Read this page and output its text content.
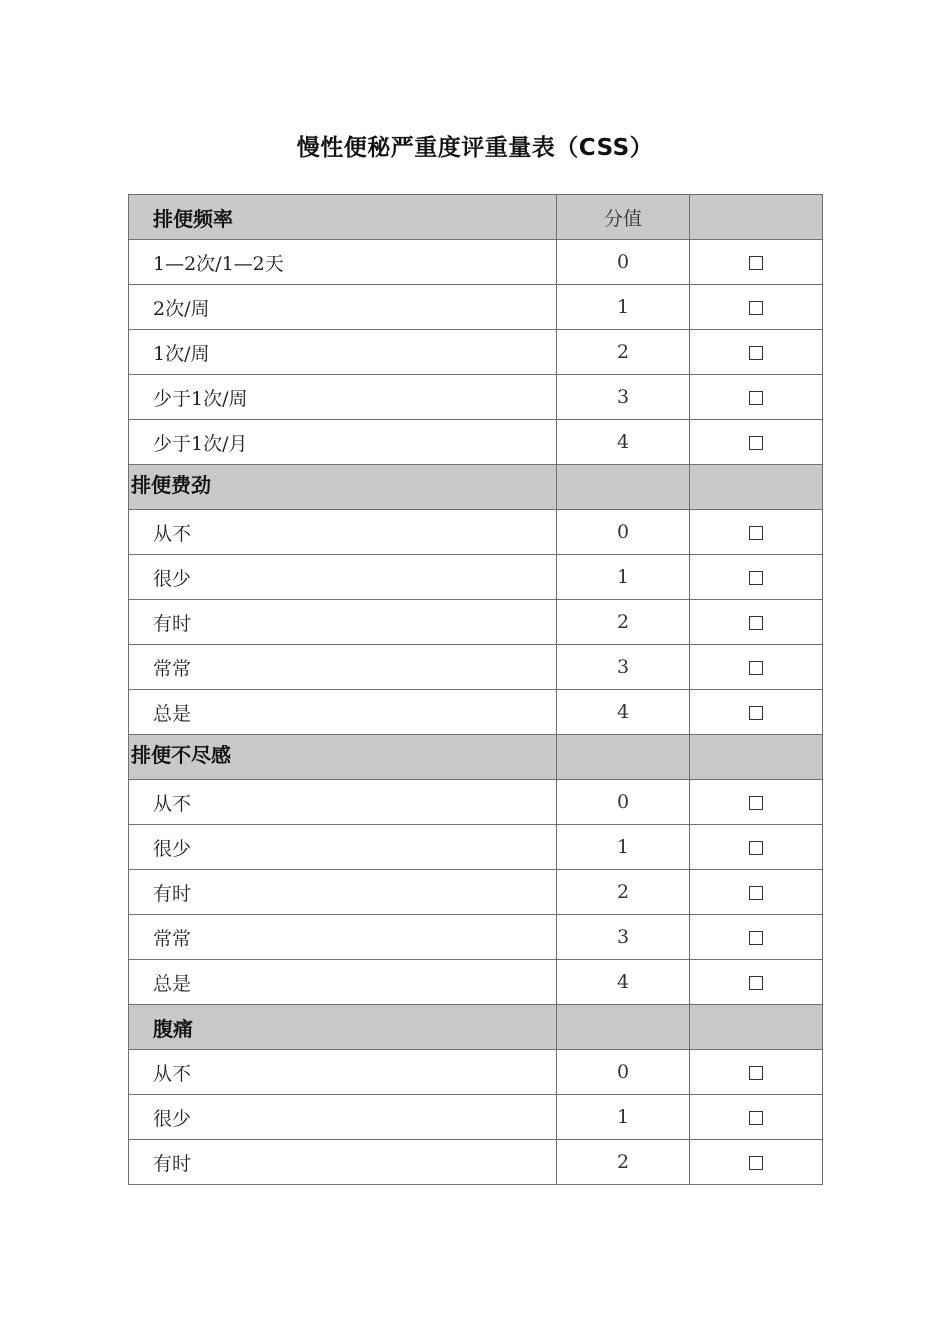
慢性便秘严重度评重量表（CSS）
排便频率	分值	
1—2次/1—2天	0	
2次/周	1	
1次/周	2	
少于1次/周	3	
少于1次/月	4	
排便费劲		
从不	0	
很少	1	
有时	2	
常常	3	
总是	4	
排便不尽感		
从不	0	
很少	1	
有时	2	
常常	3	
总是	4	
腹痛		
从不	0	
很少	1	
有时	2	
